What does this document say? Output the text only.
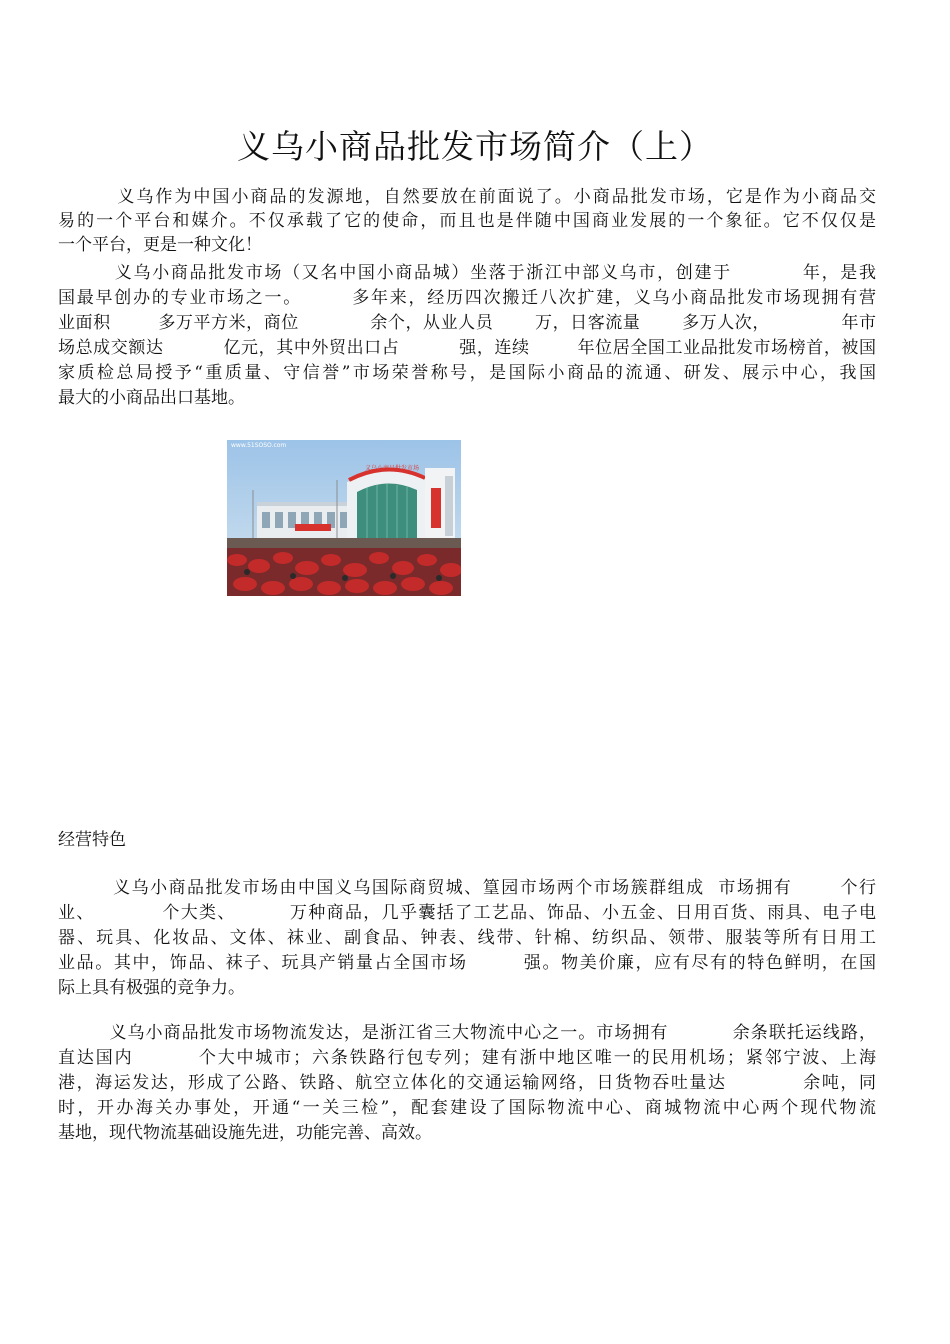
义乌小商品批发市场简介（上）
义乌作为中国小商品的发源地，自然要放在前面说了。小商品批发市场，它是作为小商品交
易的一个平台和媒介。不仅承载了它的使命，而且也是伴随中国商业发展的一个象征。它不仅仅是
一个平台，更是一种文化！
义乌小商品批发市场（又名中国小商品城）坐落于浙江中部义乌市，创建于          年，是我
国最早创办的专业市场之一。       多年来，经历四次搬迁八次扩建，义乌小商品批发市场现拥有营
业面积        多万平方米，商位            余个，从业人员       万，日客流量       多万人次，            年市
场总成交额达          亿元，其中外贸出口占          强，连续        年位居全国工业品批发市场榜首，被国
家质检总局授予“重质量、守信誉”市场荣誉称号，是国际小商品的流通、研发、展示中心，我国
最大的小商品出口基地。
义乌小商品批发市场
www.51SOSO.com
经营特色
义乌小商品批发市场由中国义乌国际商贸城、篁园市场两个市场簇群组成  市场拥有       个行
业、          个大类、        万种商品，几乎囊括了工艺品、饰品、小五金、日用百货、雨具、电子电
器、玩具、化妆品、文体、袜业、副食品、钟表、线带、针棉、纺织品、领带、服装等所有日用工
业品。其中，饰品、袜子、玩具产销量占全国市场        强。物美价廉，应有尽有的特色鲜明，在国
际上具有极强的竞争力。
义乌小商品批发市场物流发达，是浙江省三大物流中心之一。市场拥有          余条联托运线路，
直达国内         个大中城市；六条铁路行包专列；建有浙中地区唯一的民用机场；紧邻宁波、上海
港，海运发达，形成了公路、铁路、航空立体化的交通运输网络，日货物吞吐量达           余吨，同
时，开办海关办事处，开通“一关三检”，配套建设了国际物流中心、商城物流中心两个现代物流
基地，现代物流基础设施先进，功能完善、高效。
